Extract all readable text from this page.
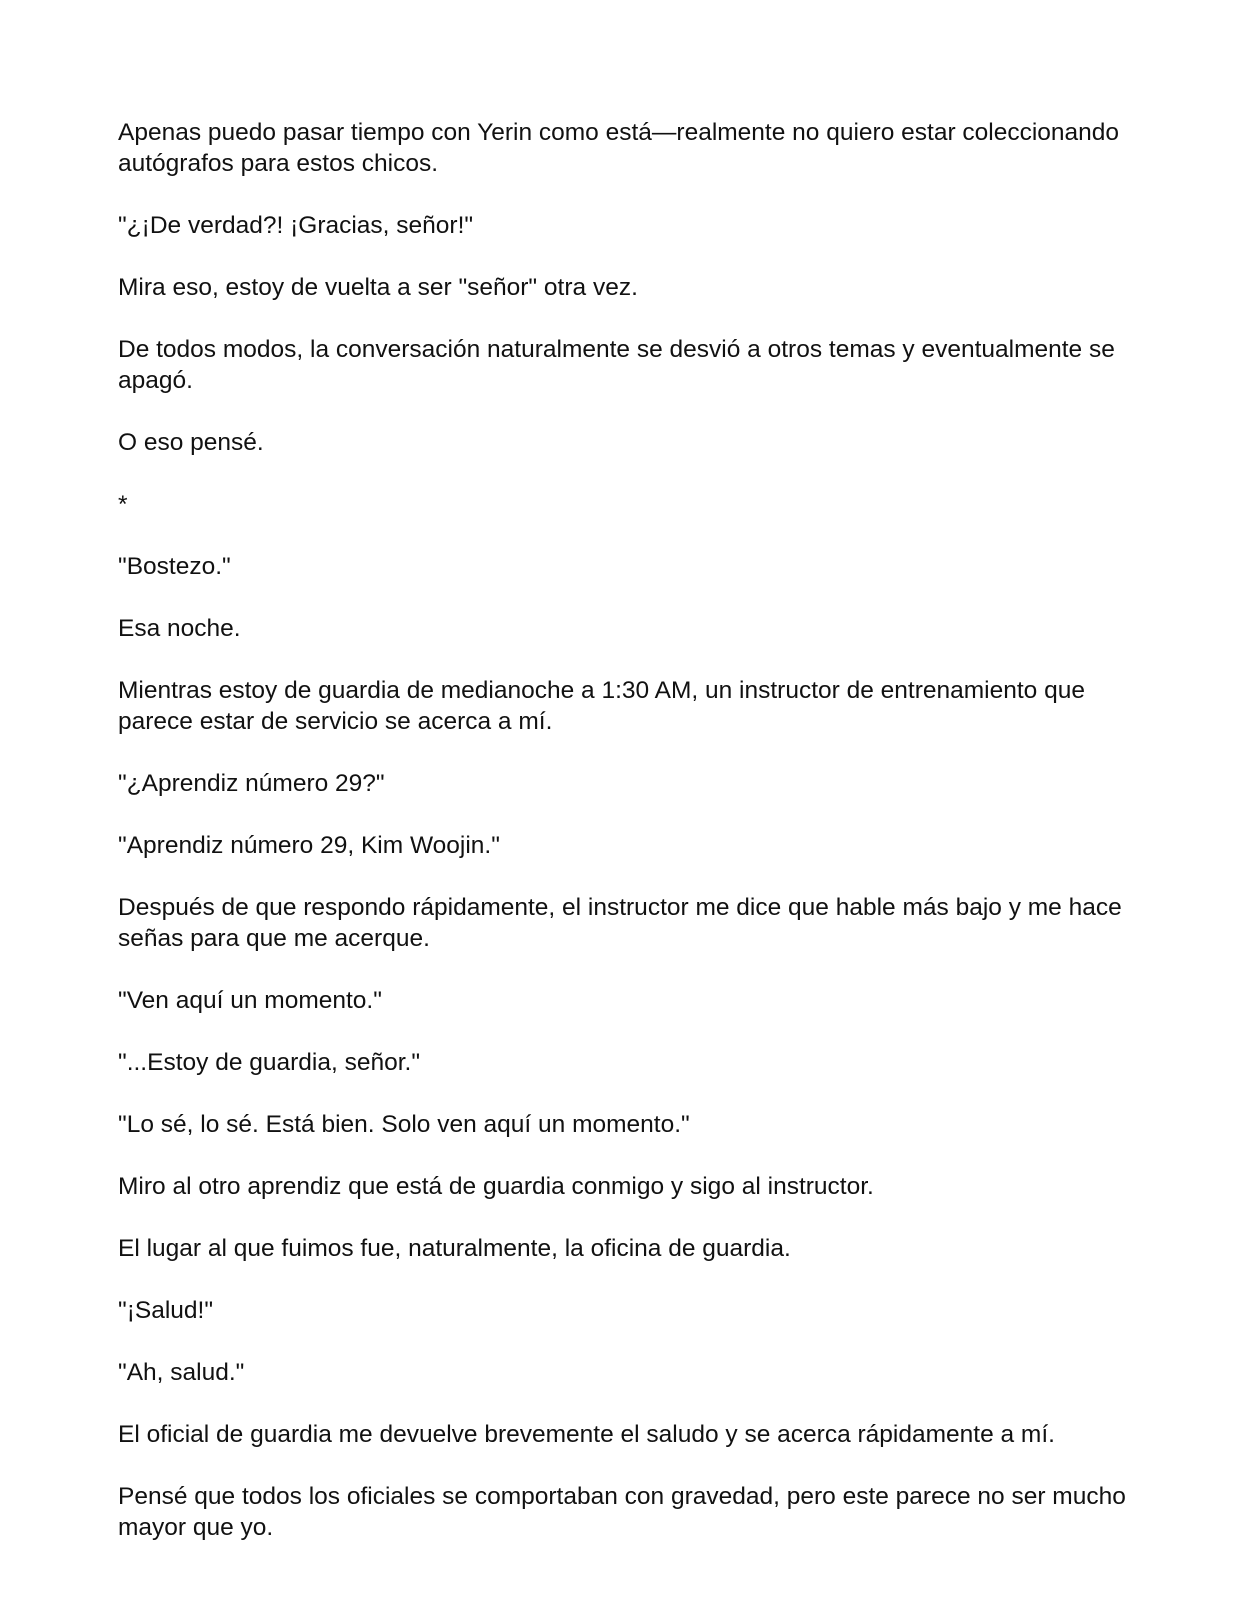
Apenas puedo pasar tiempo con Yerin como está—realmente no quiero estar coleccionando autógrafos para estos chicos.

"¿¡De verdad?! ¡Gracias, señor!"

Mira eso, estoy de vuelta a ser "señor" otra vez.

De todos modos, la conversación naturalmente se desvió a otros temas y eventualmente se apagó.

O eso pensé.

*

"Bostezo."

Esa noche.

Mientras estoy de guardia de medianoche a 1:30 AM, un instructor de entrenamiento que parece estar de servicio se acerca a mí.

"¿Aprendiz número 29?"

"Aprendiz número 29, Kim Woojin."

Después de que respondo rápidamente, el instructor me dice que hable más bajo y me hace señas para que me acerque.

"Ven aquí un momento."

"...Estoy de guardia, señor."

"Lo sé, lo sé. Está bien. Solo ven aquí un momento."

Miro al otro aprendiz que está de guardia conmigo y sigo al instructor.

El lugar al que fuimos fue, naturalmente, la oficina de guardia.

"¡Salud!"

"Ah, salud."

El oficial de guardia me devuelve brevemente el saludo y se acerca rápidamente a mí.

Pensé que todos los oficiales se comportaban con gravedad, pero este parece no ser mucho mayor que yo.
